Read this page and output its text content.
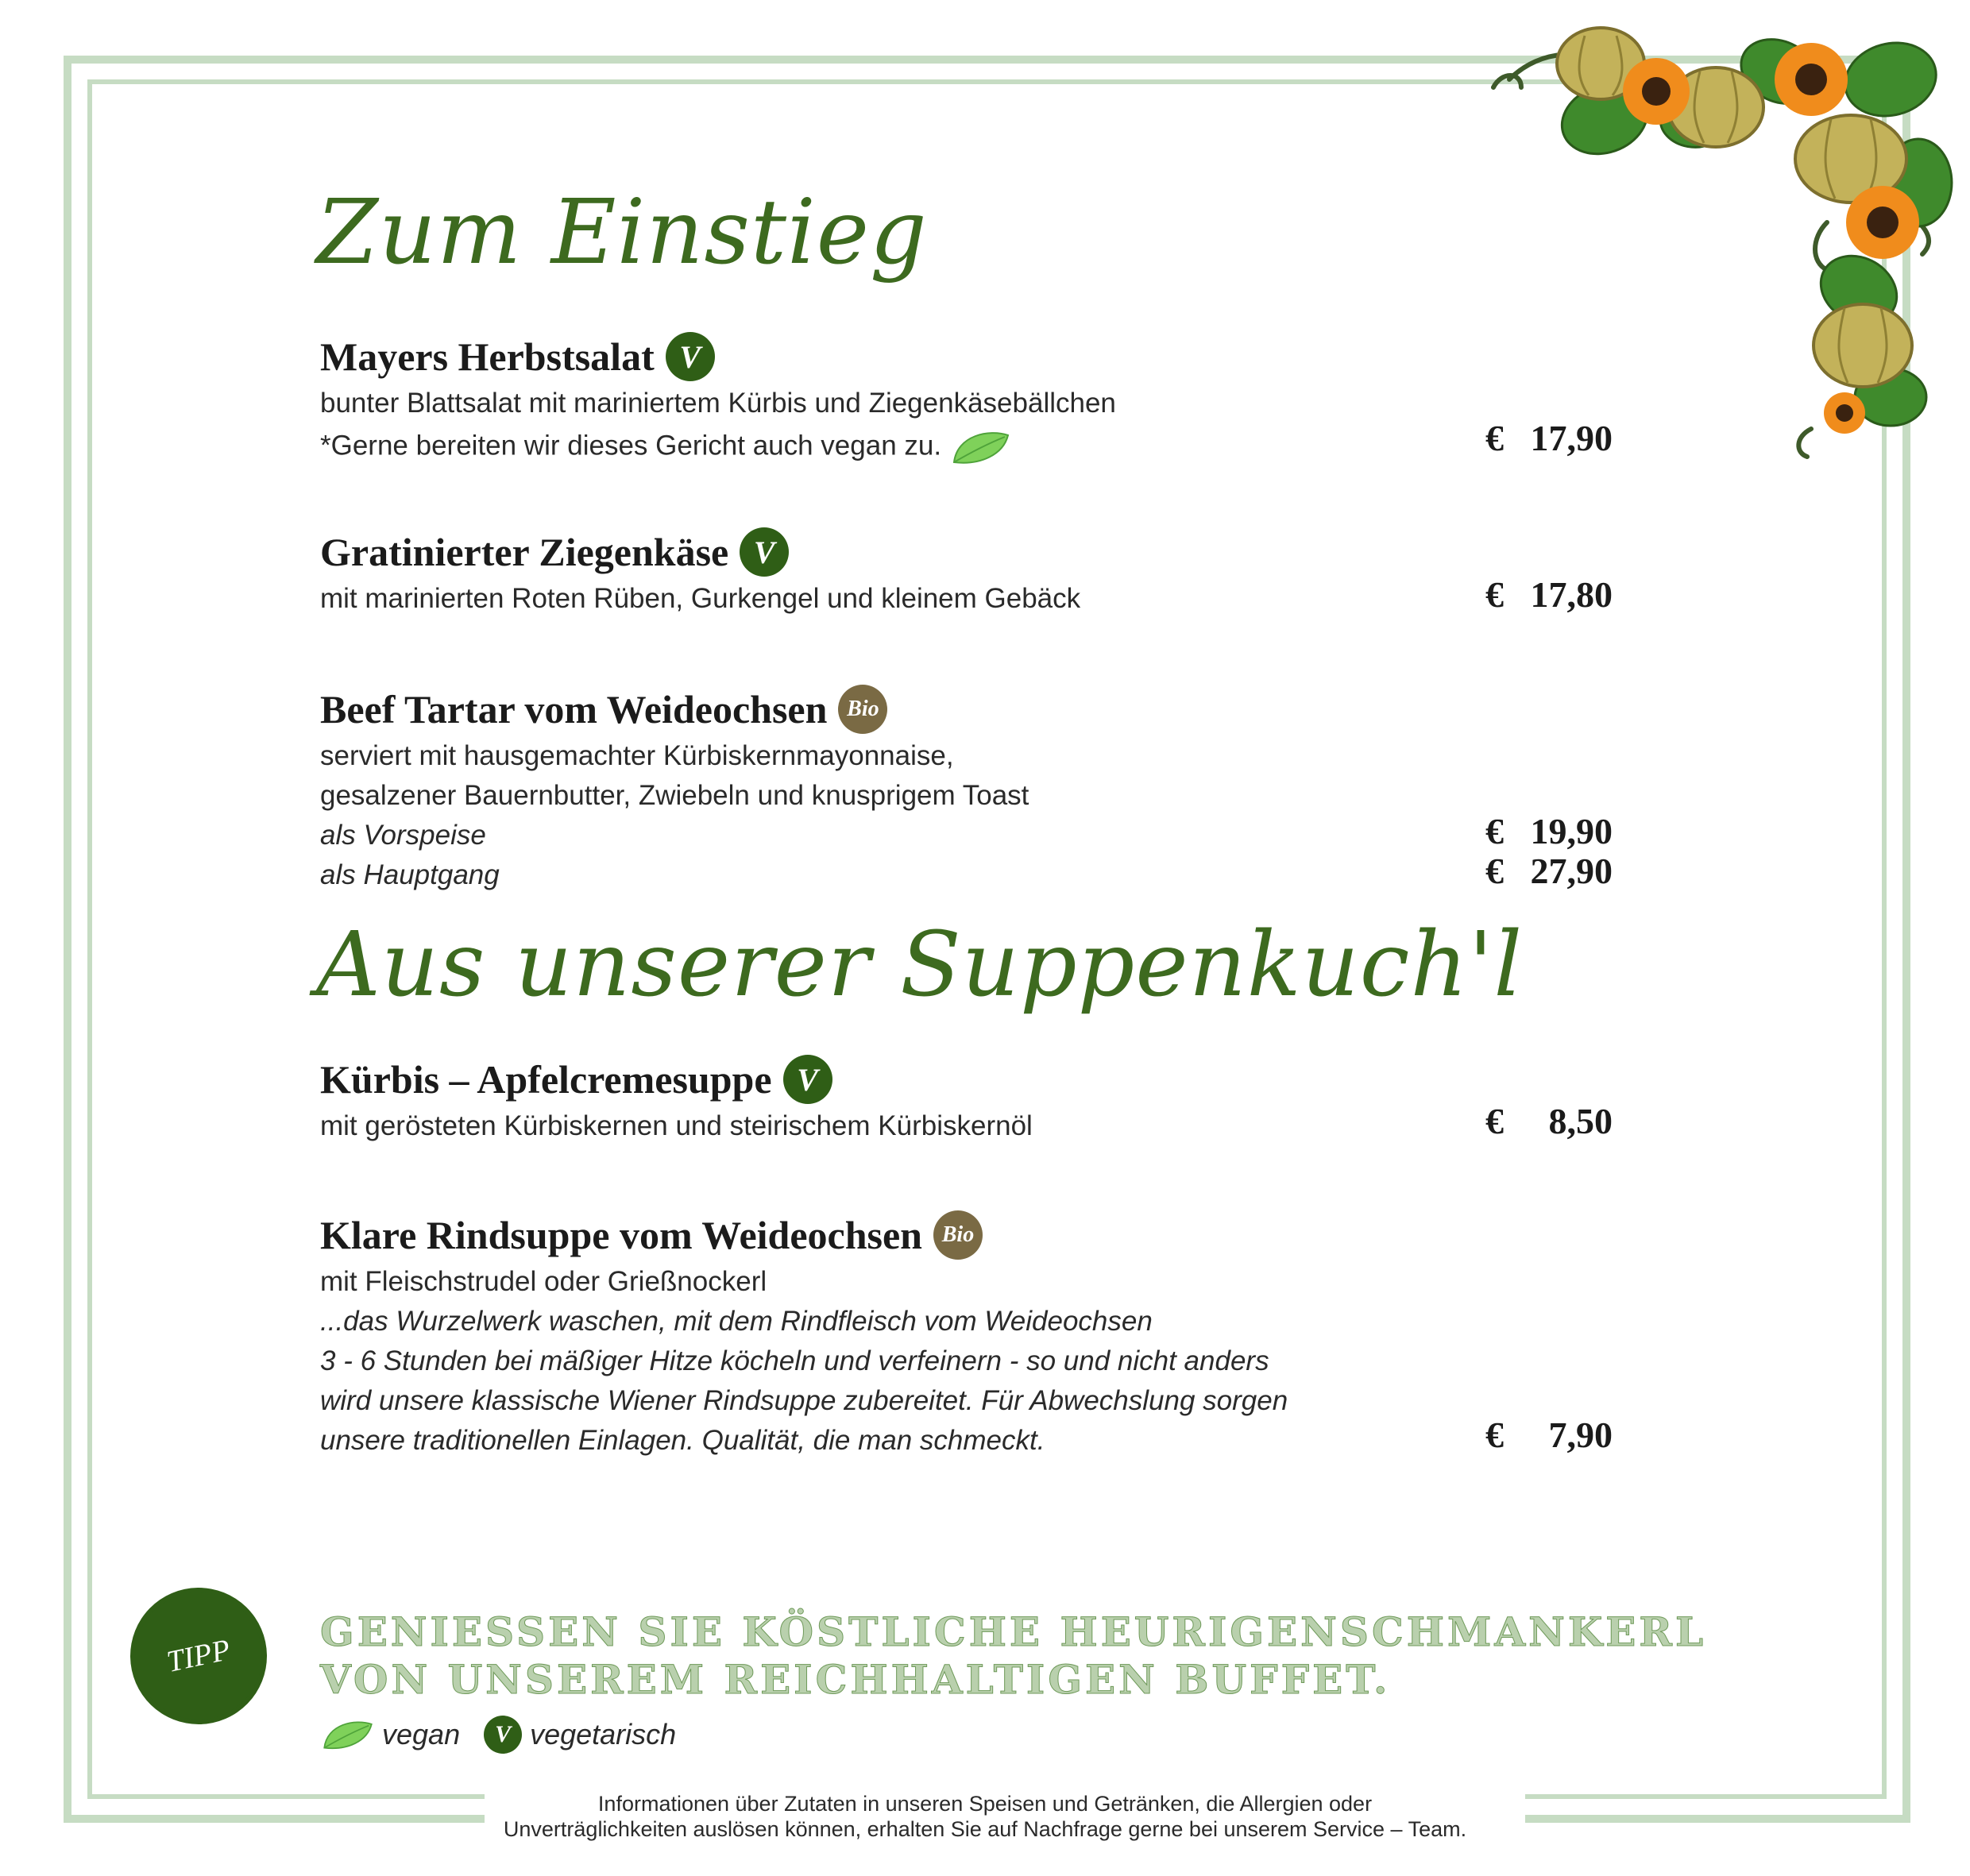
Zum Einstieg
Mayers Herbstsalat V

bunter Blattsalat mit mariniertem Kürbis und Ziegenkäsebällchen

*Gerne bereiten wir dieses Gericht auch vegan zu.	€ 17,90
Gratinierter Ziegenkäse V

mit marinierten Roten Rüben, Gurkengel und kleinem Gebäck	€ 17,80
Beef Tartar vom Weideochsen Bio

serviert mit hausgemachter Kürbiskernmayonnaise,

gesalzener Bauernbutter, Zwiebeln und knusprigem Toast

als Vorspeise	€ 19,90

als Hauptgang	€ 27,90
Aus unserer Suppenkuch'l
Kürbis – Apfelcremesuppe V

mit gerösteten Kürbiskernen und steirischem Kürbiskernöl	€ 8,50
Klare Rindsuppe vom Weideochsen Bio

mit Fleischstrudel oder Grießnockerl

...das Wurzelwerk waschen, mit dem Rindfleisch vom Weideochsen

3 - 6 Stunden bei mäßiger Hitze köcheln und verfeinern - so und nicht anders

wird unsere klassische Wiener Rindsuppe zubereitet. Für Abwechslung sorgen

unsere traditionellen Einlagen. Qualität, die man schmeckt.	€ 7,90
TIPP

GENIESSEN SIE KÖSTLICHE HEURIGENSCHMANKERL

VON UNSEREM REICHHALTIGEN BUFFET.

vegan	V vegetarisch
Informationen über Zutaten in unseren Speisen und Getränken, die Allergien oder
Unverträglichkeiten auslösen können, erhalten Sie auf Nachfrage gerne bei unserem Service – Team.
